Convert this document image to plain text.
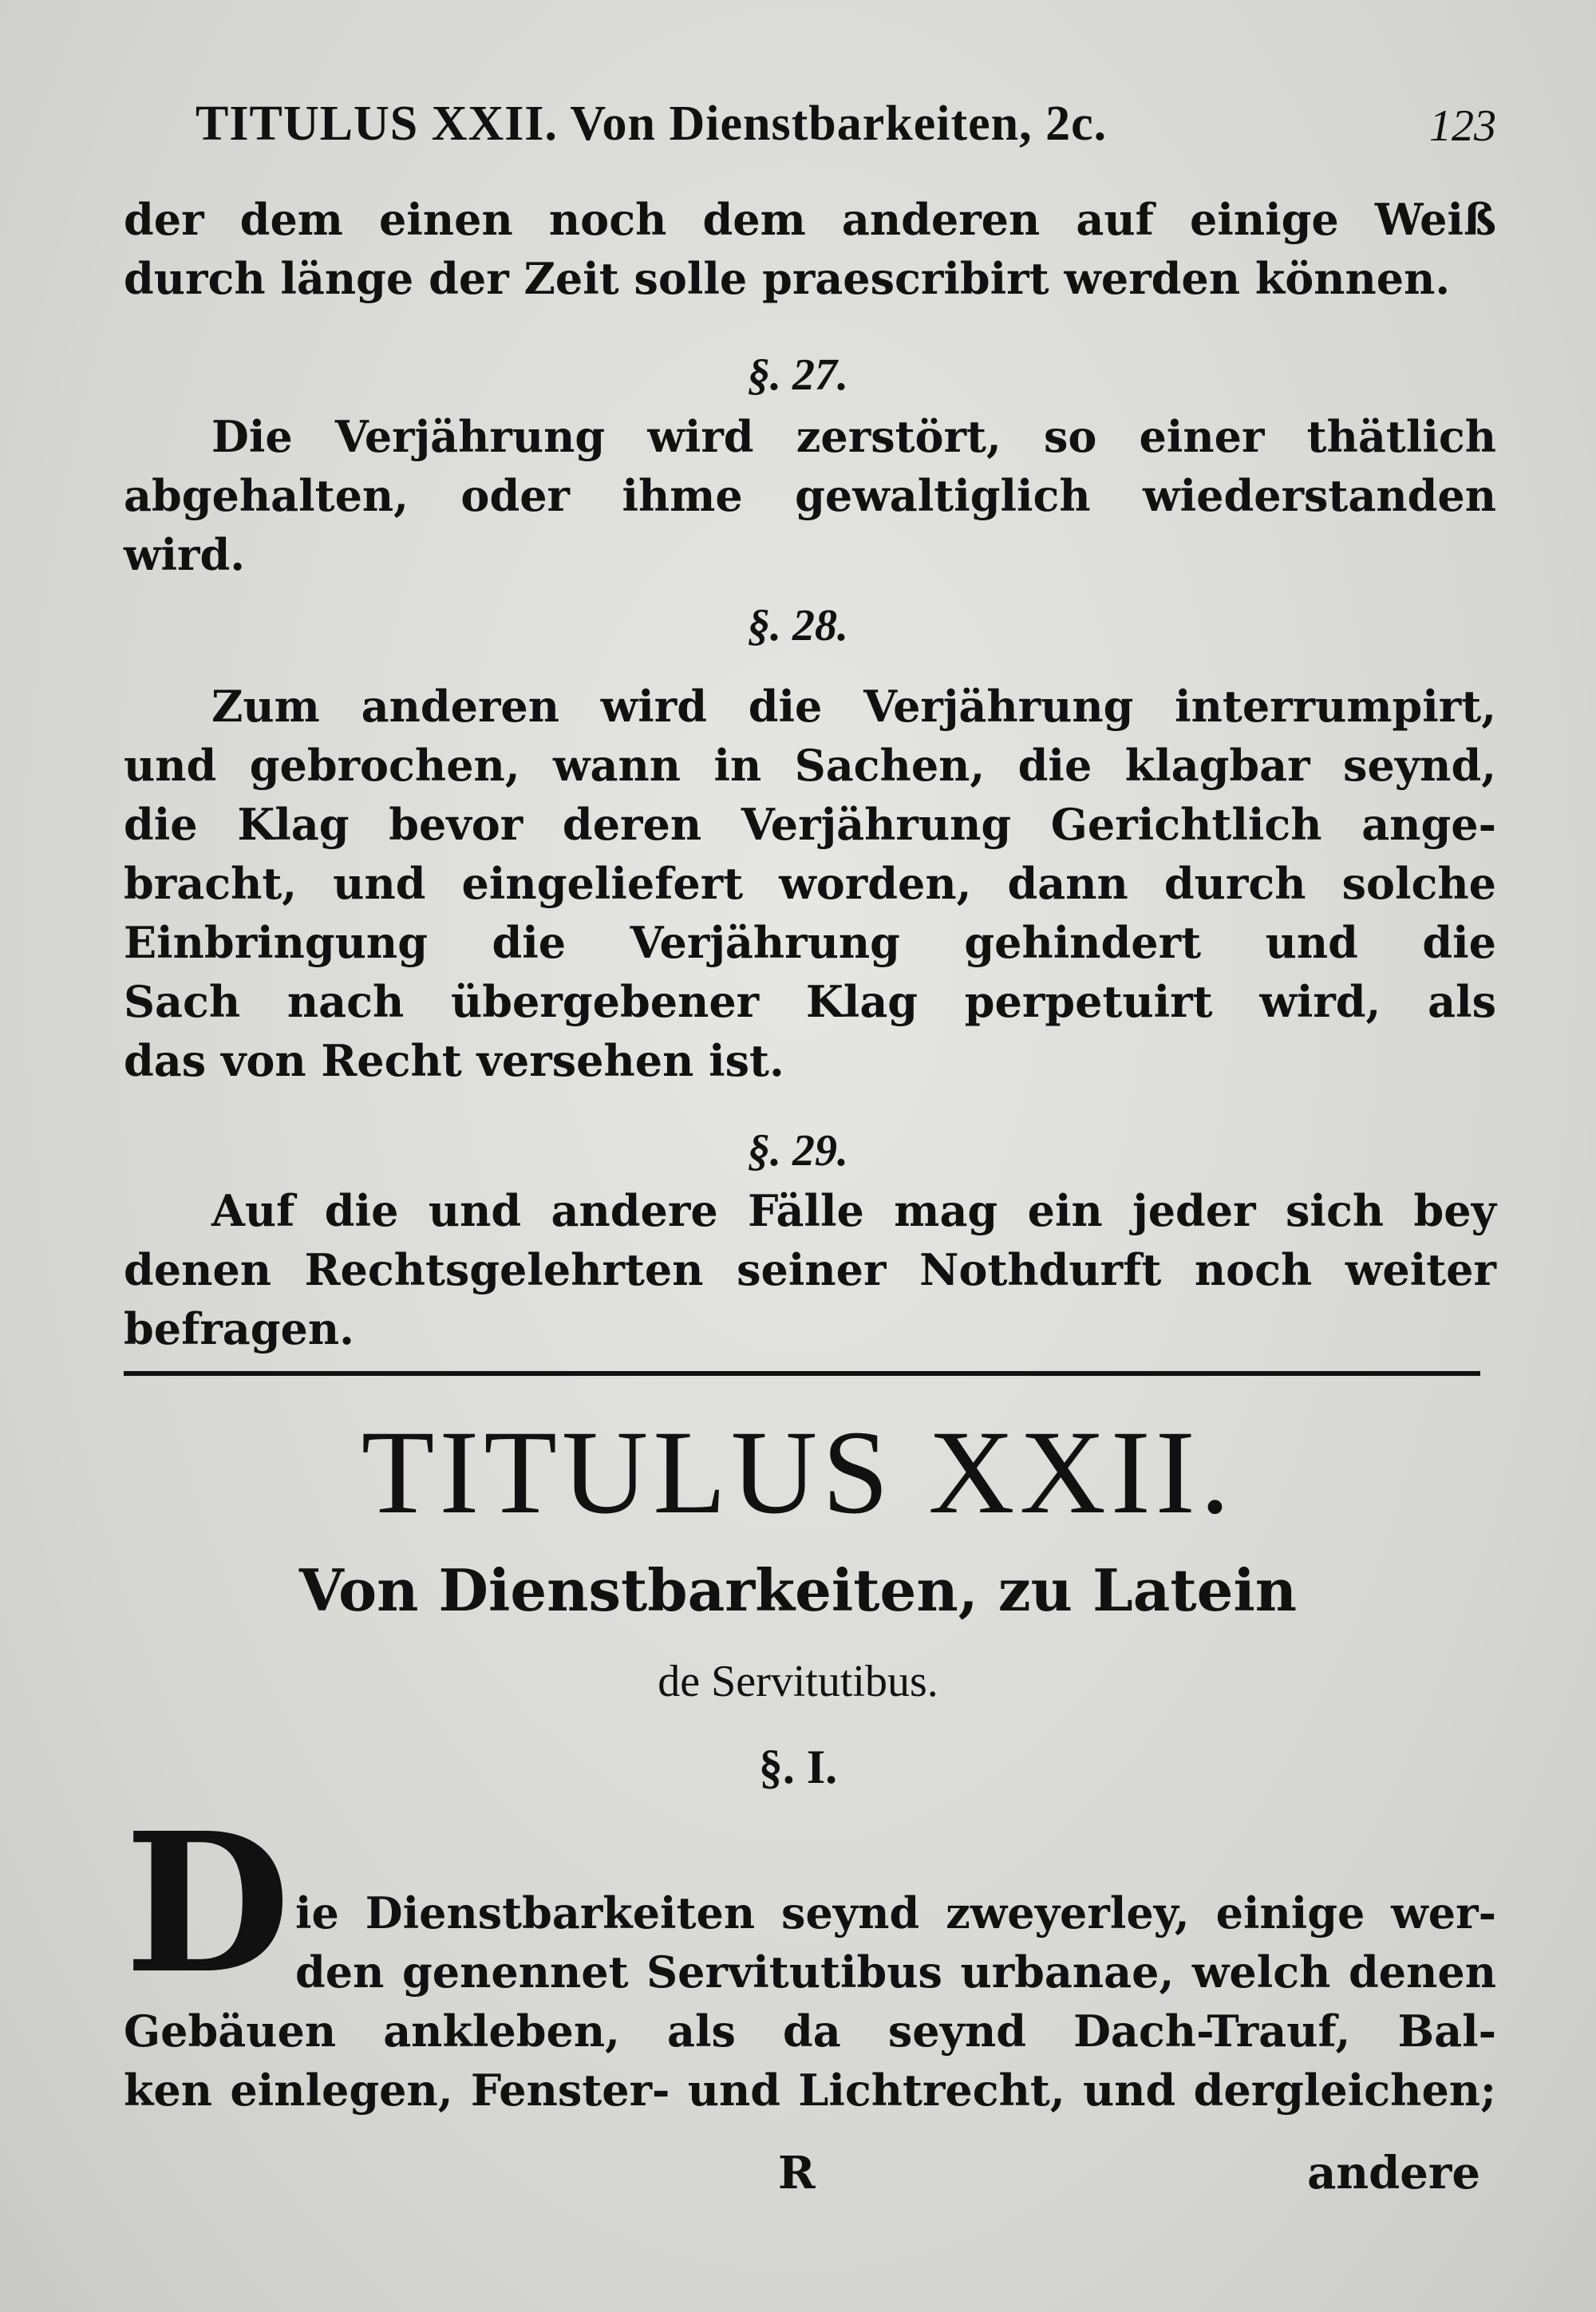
TITULUS XXII. Von Dienstbarkeiten, 2c.	123
der dem einen noch dem anderen auf einige Weiß
durch länge der Zeit solle praescribirt werden können.
§. 27.
Die Verjährung wird zerstört, so einer thätlich
abgehalten, oder ihme gewaltiglich wiederstanden
wird.
§. 28.
Zum anderen wird die Verjährung interrumpirt,
und gebrochen, wann in Sachen, die klagbar seynd,
die Klag bevor deren Verjährung Gerichtlich ange-
bracht, und eingeliefert worden, dann durch solche
Einbringung die Verjährung gehindert und die
Sach nach übergebener Klag perpetuirt wird, als
das von Recht versehen ist.
§. 29.
Auf die und andere Fälle mag ein jeder sich bey
denen Rechtsgelehrten seiner Nothdurft noch weiter
befragen.
TITULUS XXII.
Von Dienstbarkeiten, zu Latein
de Servitutibus.
§. I.
D ie Dienstbarkeiten seynd zweyerley, einige wer-
den genennet Servitutibus urbanae, welch denen
Gebäuen ankleben, als da seynd Dach-Trauf, Bal-
ken einlegen, Fenster- und Lichtrecht, und dergleichen;
R	andere
